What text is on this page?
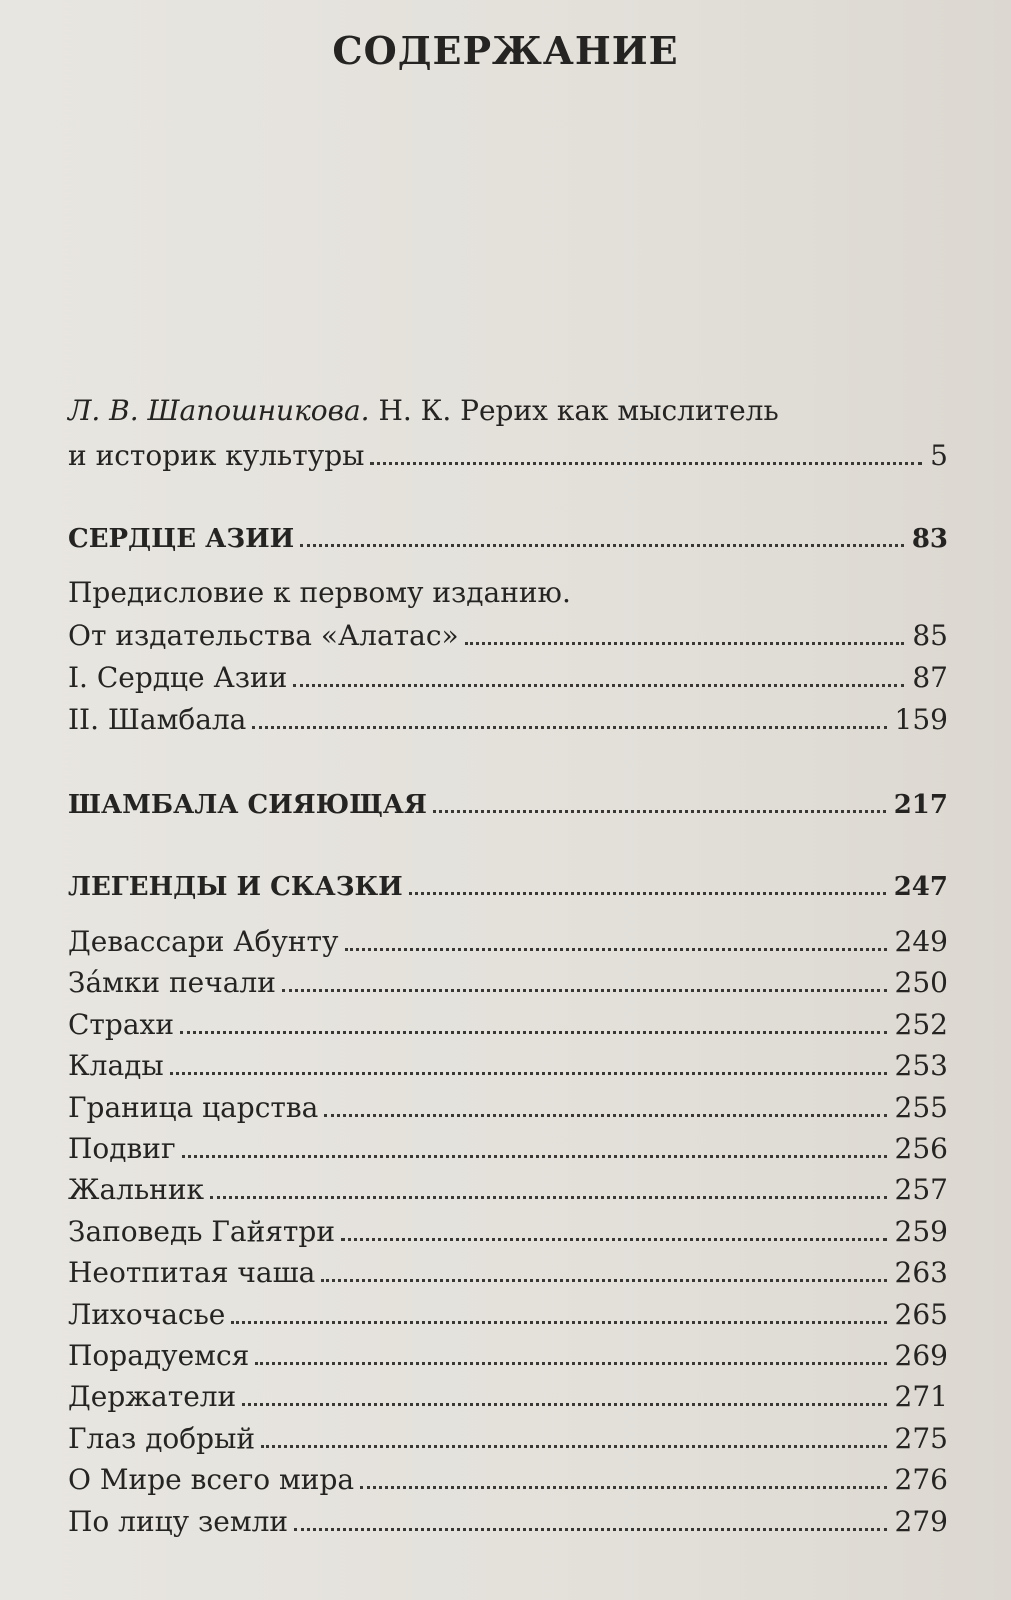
СОДЕРЖАНИЕ
Л. В. Шапошникова. Н. К. Рерих как мыслитель
и историк культуры	5
СЕРДЦЕ АЗИИ	83
Предисловие к первому изданию.
От издательства «Алатас»	85
I. Сердце Азии	87
II. Шамбала	159
ШАМБАЛА СИЯЮЩАЯ	217
ЛЕГЕНДЫ И СКАЗКИ	247
Девассари Абунту	249
За́мки печали	250
Страхи	252
Клады	253
Граница царства	255
Подвиг	256
Жальник	257
Заповедь Гайятри	259
Неотпитая чаша	263
Лихочасье	265
Порадуемся	269
Держатели	271
Глаз добрый	275
О Мире всего мира	276
По лицу земли	279
